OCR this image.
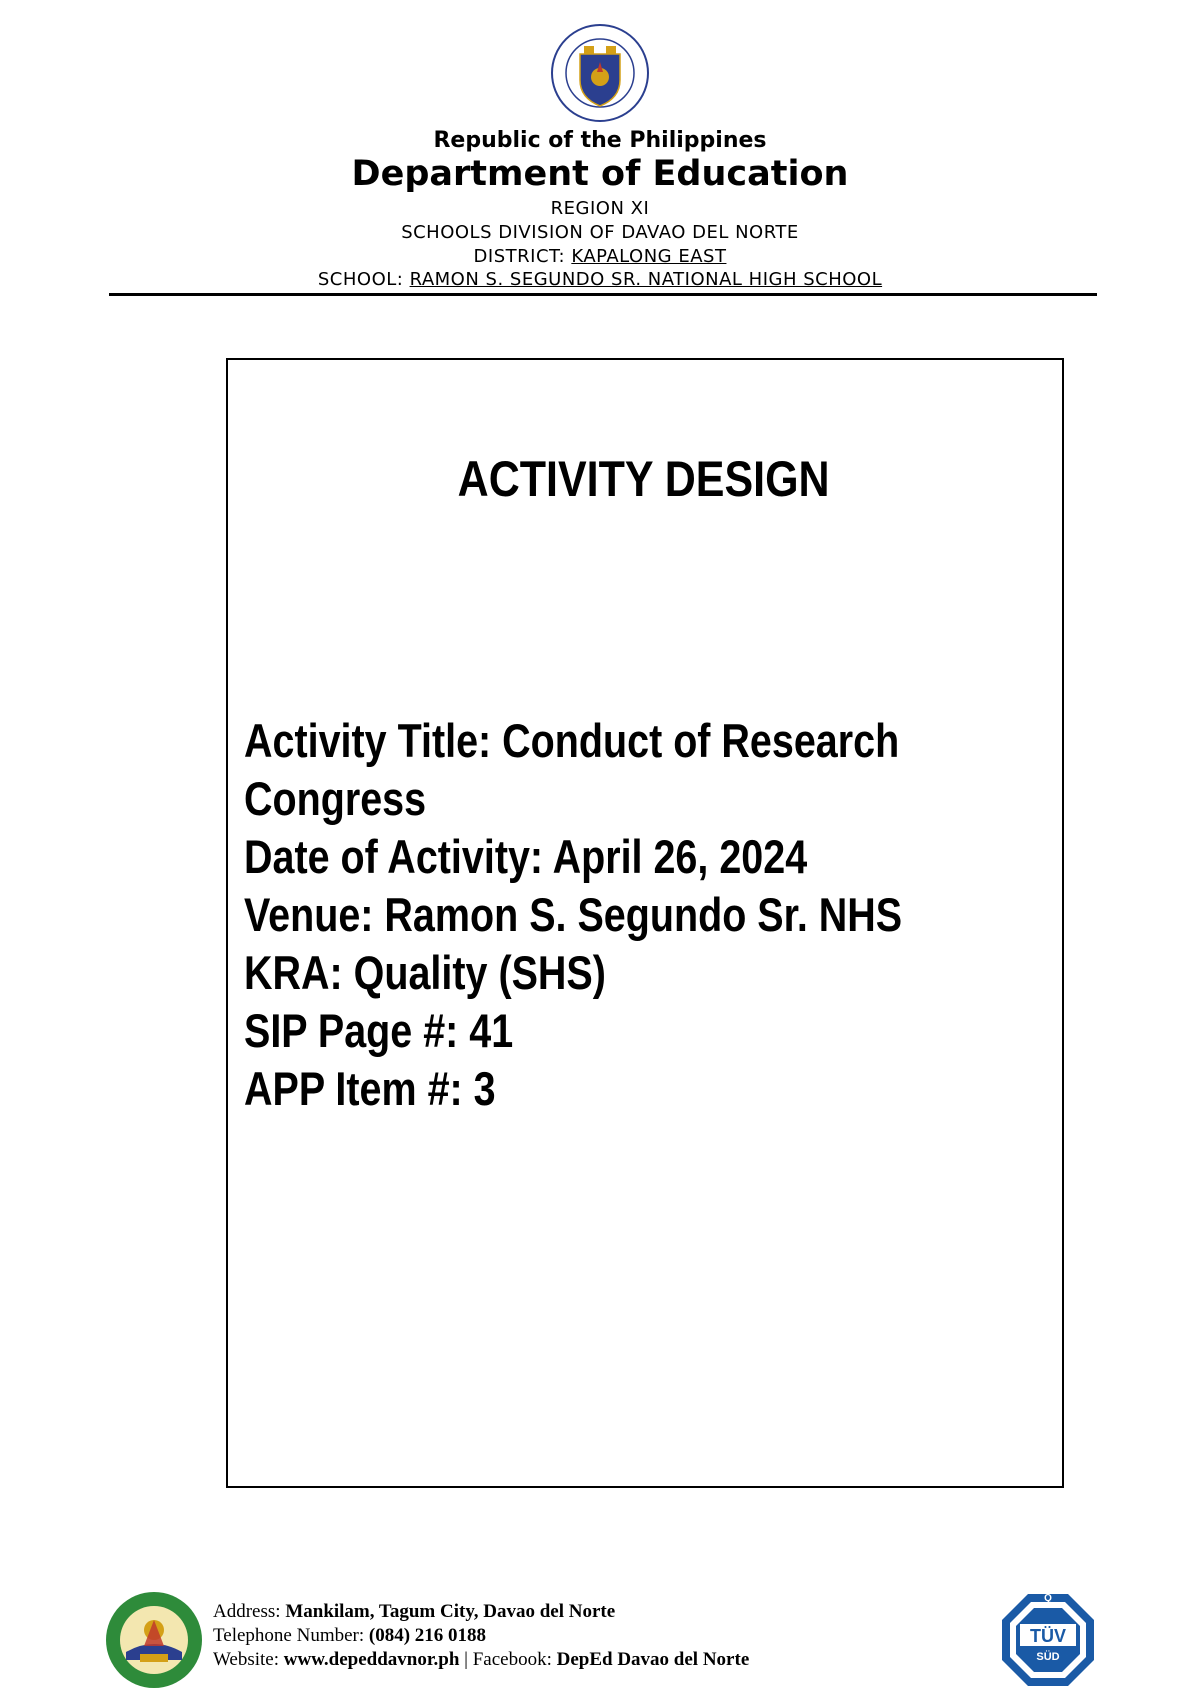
Republic of the Philippines
Department of Education
REGION XI
SCHOOLS DIVISION OF DAVAO DEL NORTE
DISTRICT: KAPALONG EAST
SCHOOL: RAMON S. SEGUNDO SR. NATIONAL HIGH SCHOOL
ACTIVITY DESIGN
Activity Title: Conduct of Research
Congress
Date of Activity: April 26, 2024
Venue: Ramon S. Segundo Sr. NHS
KRA: Quality (SHS)
SIP Page #: 41
APP Item #: 3
Address: Mankilam, Tagum City, Davao del Norte
Telephone Number: (084) 216 0188
Website: www.depeddavnor.ph | Facebook: DepEd Davao del Norte
Q
TÜV
SÜD
